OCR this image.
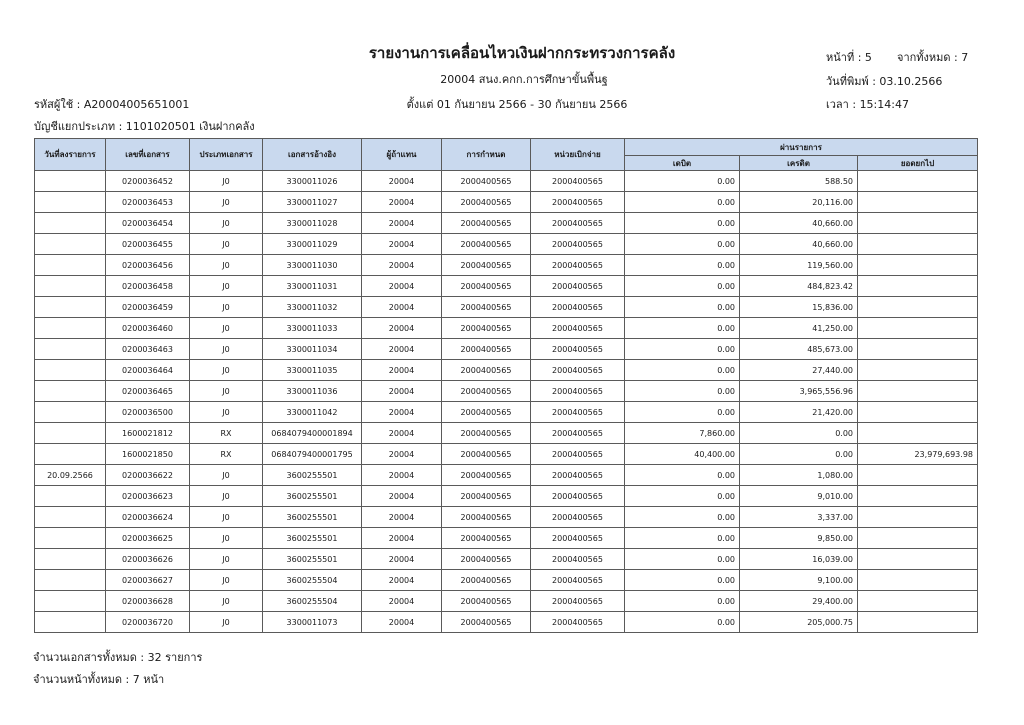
รายงานการเคลื่อนไหวเงินฝากกระทรวงการคลัง
20004 สนง.คกก.การศึกษาขั้นพื้นฐ
ตั้งแต่ 01 กันยายน 2566 - 30 กันยายน 2566
รหัสผู้ใช้ : A20004005651001
บัญชีแยกประเภท : 1101020501 เงินฝากคลัง
หน้าที่ : 5 จากทั้งหมด : 7
วันที่พิมพ์ : 03.10.2566
เวลา : 15:14:47
วันที่ลงรายการ	เลขที่เอกสาร	ประเภทเอกสาร	เอกสารอ้างอิง	ผู้ถ้าแทน	การกำหนด	หน่วยเบิกจ่าย	ผ่านรายการ		
							เดบิต	เครดิต	ยอดยกไป
	0200036452	J0	3300011026	20004	2000400565	2000400565	0.00	588.50	
	0200036453	J0	3300011027	20004	2000400565	2000400565	0.00	20,116.00	
	0200036454	J0	3300011028	20004	2000400565	2000400565	0.00	40,660.00	
	0200036455	J0	3300011029	20004	2000400565	2000400565	0.00	40,660.00	
	0200036456	J0	3300011030	20004	2000400565	2000400565	0.00	119,560.00	
	0200036458	J0	3300011031	20004	2000400565	2000400565	0.00	484,823.42	
	0200036459	J0	3300011032	20004	2000400565	2000400565	0.00	15,836.00	
	0200036460	J0	3300011033	20004	2000400565	2000400565	0.00	41,250.00	
	0200036463	J0	3300011034	20004	2000400565	2000400565	0.00	485,673.00	
	0200036464	J0	3300011035	20004	2000400565	2000400565	0.00	27,440.00	
	0200036465	J0	3300011036	20004	2000400565	2000400565	0.00	3,965,556.96	
	0200036500	J0	3300011042	20004	2000400565	2000400565	0.00	21,420.00	
	1600021812	RX	0684079400001894	20004	2000400565	2000400565	7,860.00	0.00	
	1600021850	RX	0684079400001795	20004	2000400565	2000400565	40,400.00	0.00	23,979,693.98
20.09.2566	0200036622	J0	3600255501	20004	2000400565	2000400565	0.00	1,080.00	
	0200036623	J0	3600255501	20004	2000400565	2000400565	0.00	9,010.00	
	0200036624	J0	3600255501	20004	2000400565	2000400565	0.00	3,337.00	
	0200036625	J0	3600255501	20004	2000400565	2000400565	0.00	9,850.00	
	0200036626	J0	3600255501	20004	2000400565	2000400565	0.00	16,039.00	
	0200036627	J0	3600255504	20004	2000400565	2000400565	0.00	9,100.00	
	0200036628	J0	3600255504	20004	2000400565	2000400565	0.00	29,400.00	
	0200036720	J0	3300011073	20004	2000400565	2000400565	0.00	205,000.75	
จำนวนเอกสารทั้งหมด : 32 รายการ
จำนวนหน้าทั้งหมด : 7 หน้า
